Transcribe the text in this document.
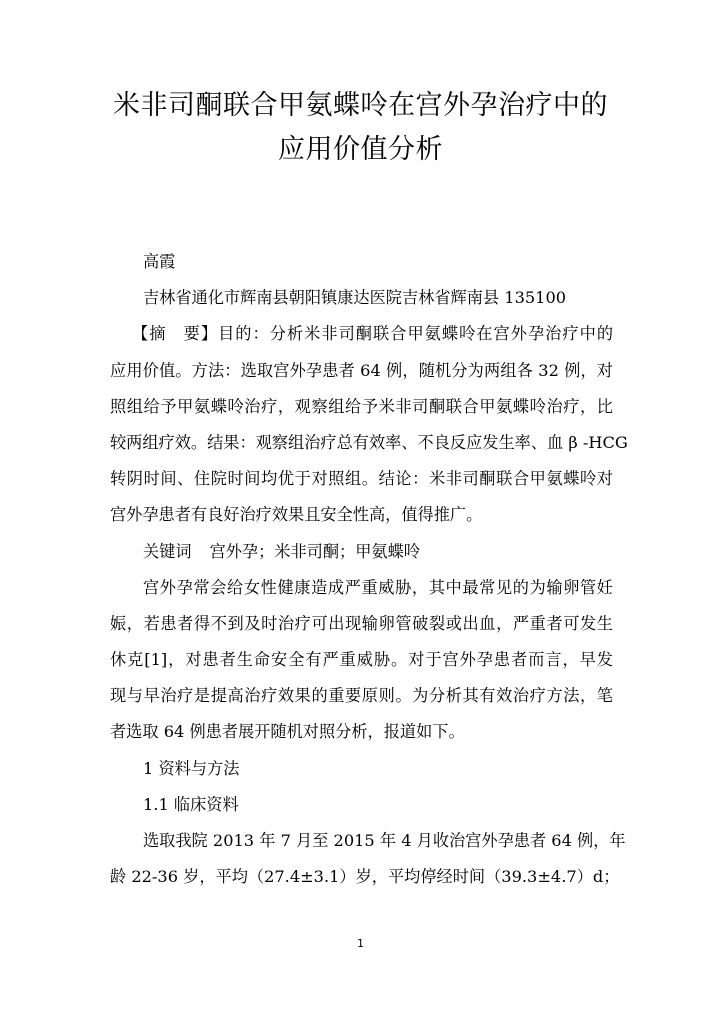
米非司酮联合甲氨蝶呤在宫外孕治疗中的
应用价值分析
高霞
吉林省通化市辉南县朝阳镇康达医院吉林省辉南县 135100
【摘　要】目的：分析米非司酮联合甲氨蝶呤在宫外孕治疗中的
应用价值。方法：选取宫外孕患者 64 例，随机分为两组各 32 例，对
照组给予甲氨蝶呤治疗，观察组给予米非司酮联合甲氨蝶呤治疗，比
较两组疗效。结果：观察组治疗总有效率、不良反应发生率、血 β -HCG
转阴时间、住院时间均优于对照组。结论：米非司酮联合甲氨蝶呤对
宫外孕患者有良好治疗效果且安全性高，值得推广。
关键词 宫外孕；米非司酮；甲氨蝶呤
宫外孕常会给女性健康造成严重威胁，其中最常见的为输卵管妊
娠，若患者得不到及时治疗可出现输卵管破裂或出血，严重者可发生
休克[1]，对患者生命安全有严重威胁。对于宫外孕患者而言，早发
现与早治疗是提高治疗效果的重要原则。为分析其有效治疗方法，笔
者选取 64 例患者展开随机对照分析，报道如下。
1 资料与方法
1.1 临床资料
选取我院 2013 年 7 月至 2015 年 4 月收治宫外孕患者 64 例，年
龄 22-36 岁，平均（27.4±3.1）岁，平均停经时间（39.3±4.7）d；
1
